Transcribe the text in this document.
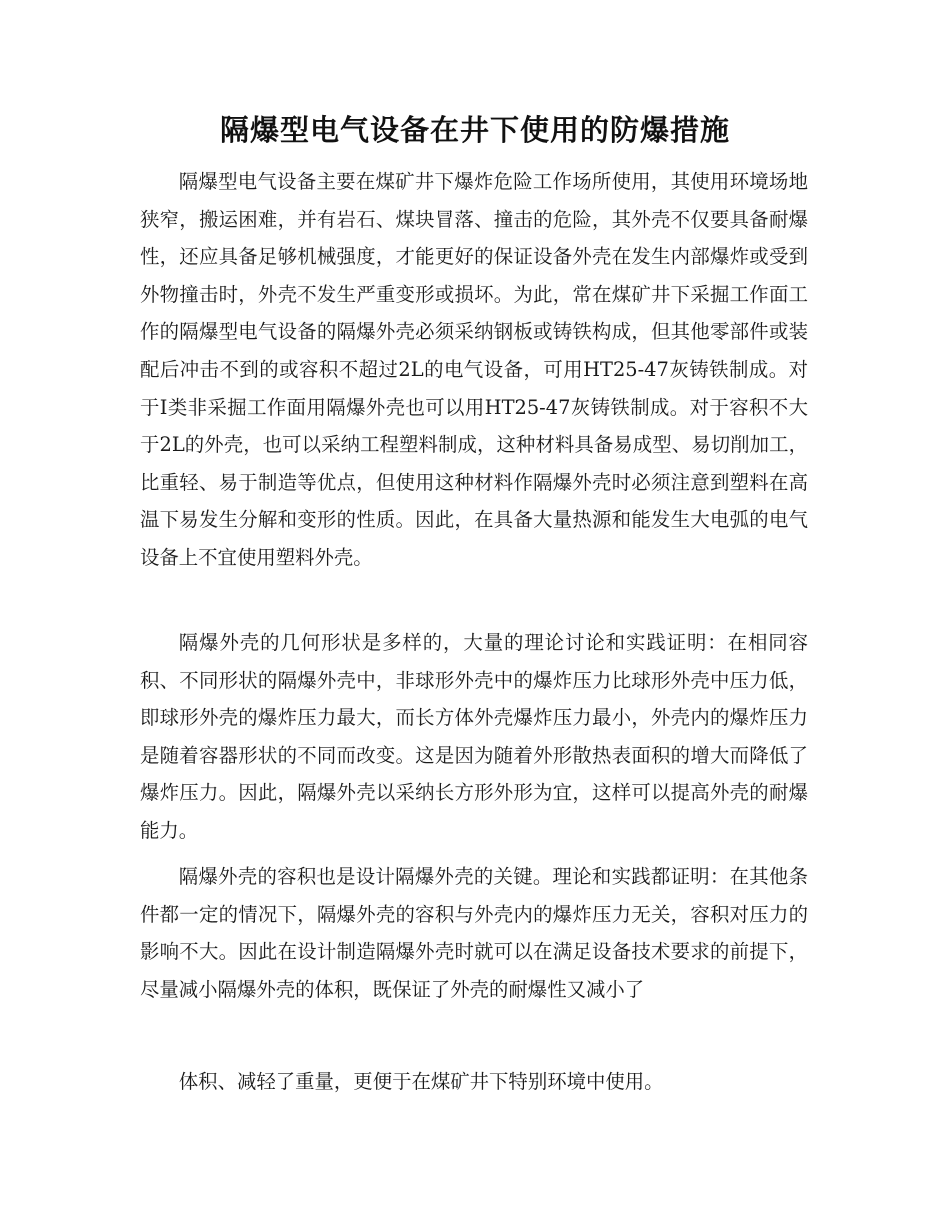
隔爆型电气设备在井下使用的防爆措施

隔爆型电气设备主要在煤矿井下爆炸危险工作场所使用，其使用环境场地狭窄，搬运困难，并有岩石、煤块冒落、撞击的危险，其外壳不仅要具备耐爆性，还应具备足够机械强度，才能更好的保证设备外壳在发生内部爆炸或受到外物撞击时，外壳不发生严重变形或损坏。为此，常在煤矿井下采掘工作面工作的隔爆型电气设备的隔爆外壳必须采纳钢板或铸铁构成，但其他零部件或装配后冲击不到的或容积不超过2L的电气设备，可用HT25-47灰铸铁制成。对于I类非采掘工作面用隔爆外壳也可以用HT25-47灰铸铁制成。对于容积不大于2L的外壳，也可以采纳工程塑料制成，这种材料具备易成型、易切削加工，比重轻、易于制造等优点，但使用这种材料作隔爆外壳时必须注意到塑料在高温下易发生分解和变形的性质。因此，在具备大量热源和能发生大电弧的电气设备上不宜使用塑料外壳。

隔爆外壳的几何形状是多样的，大量的理论讨论和实践证明：在相同容积、不同形状的隔爆外壳中，非球形外壳中的爆炸压力比球形外壳中压力低，即球形外壳的爆炸压力最大，而长方体外壳爆炸压力最小，外壳内的爆炸压力是随着容器形状的不同而改变。这是因为随着外形散热表面积的增大而降低了爆炸压力。因此，隔爆外壳以采纳长方形外形为宜，这样可以提高外壳的耐爆能力。

隔爆外壳的容积也是设计隔爆外壳的关键。理论和实践都证明：在其他条件都一定的情况下，隔爆外壳的容积与外壳内的爆炸压力无关，容积对压力的影响不大。因此在设计制造隔爆外壳时就可以在满足设备技术要求的前提下，尽量减小隔爆外壳的体积，既保证了外壳的耐爆性又减小了

体积、减轻了重量，更便于在煤矿井下特别环境中使用。
